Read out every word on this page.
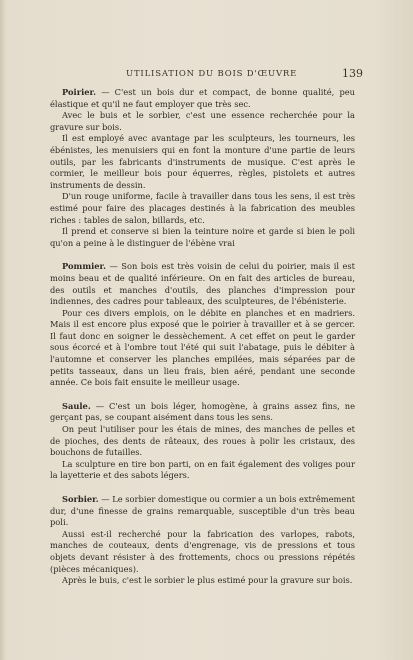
UTILISATION DU BOIS D'ŒUVRE	139

Poirier. — C'est un bois dur et compact, de bonne qualité, peu élastique et qu'il ne faut employer que très sec.

Avec le buis et le sorbier, c'est une essence recherchée pour la gravure sur bois.

Il est employé avec avantage par les sculpteurs, les tourneurs, les ébénistes, les menuisiers qui en font la monture d'une partie de leurs outils, par les fabricants d'instruments de musique. C'est après le cormier, le meilleur bois pour équerres, règles, pistolets et autres instruments de dessin.

D'un rouge uniforme, facile à travailler dans tous les sens, il est très estimé pour faire des placages destinés à la fabrication des meubles riches : tables de salon, billards, etc.

Il prend et conserve si bien la teinture noire et garde si bien le poli qu'on a peine à le distinguer de l'ébène vrai

Pommier. — Son bois est très voisin de celui du poirier, mais il est moins beau et de qualité inférieure. On en fait des articles de bureau, des outils et manches d'outils, des planches d'impression pour indiennes, des cadres pour tableaux, des sculpteures, de l'ébénisterie.

Pour ces divers emplois, on le débite en planches et en madriers. Mais il est encore plus exposé que le poirier à travailler et à se gercer. Il faut donc en soigner le dessèchement. A cet effet on peut le garder sous écorcé et à l'ombre tout l'été qui suit l'abatage, puis le débiter à l'automne et conserver les planches empilées, mais séparées par de petits tasseaux, dans un lieu frais, bien aéré, pendant une seconde année. Ce bois fait ensuite le meilleur usage.

Saule. — C'est un bois léger, homogène, à grains assez fins, ne gerçant pas, se coupant aisément dans tous les sens.

On peut l'utiliser pour les étais de mines, des manches de pelles et de pioches, des dents de râteaux, des roues à polir les cristaux, des bouchons de futailles.

La sculpture en tire bon parti, on en fait également des voliges pour la layetterie et des sabots légers.

Sorbier. — Le sorbier domestique ou cormier a un bois extrêmement dur, d'une finesse de grains remarquable, susceptible d'un très beau poli.

Aussi est-il recherché pour la fabrication des varlopes, rabots, manches de couteaux, dents d'engrenage, vis de pressions et tous objets devant résister à des frottements, chocs ou pressions répétés (pièces mécaniques).

Après le buis, c'est le sorbier le plus estimé pour la gravure sur bois.
